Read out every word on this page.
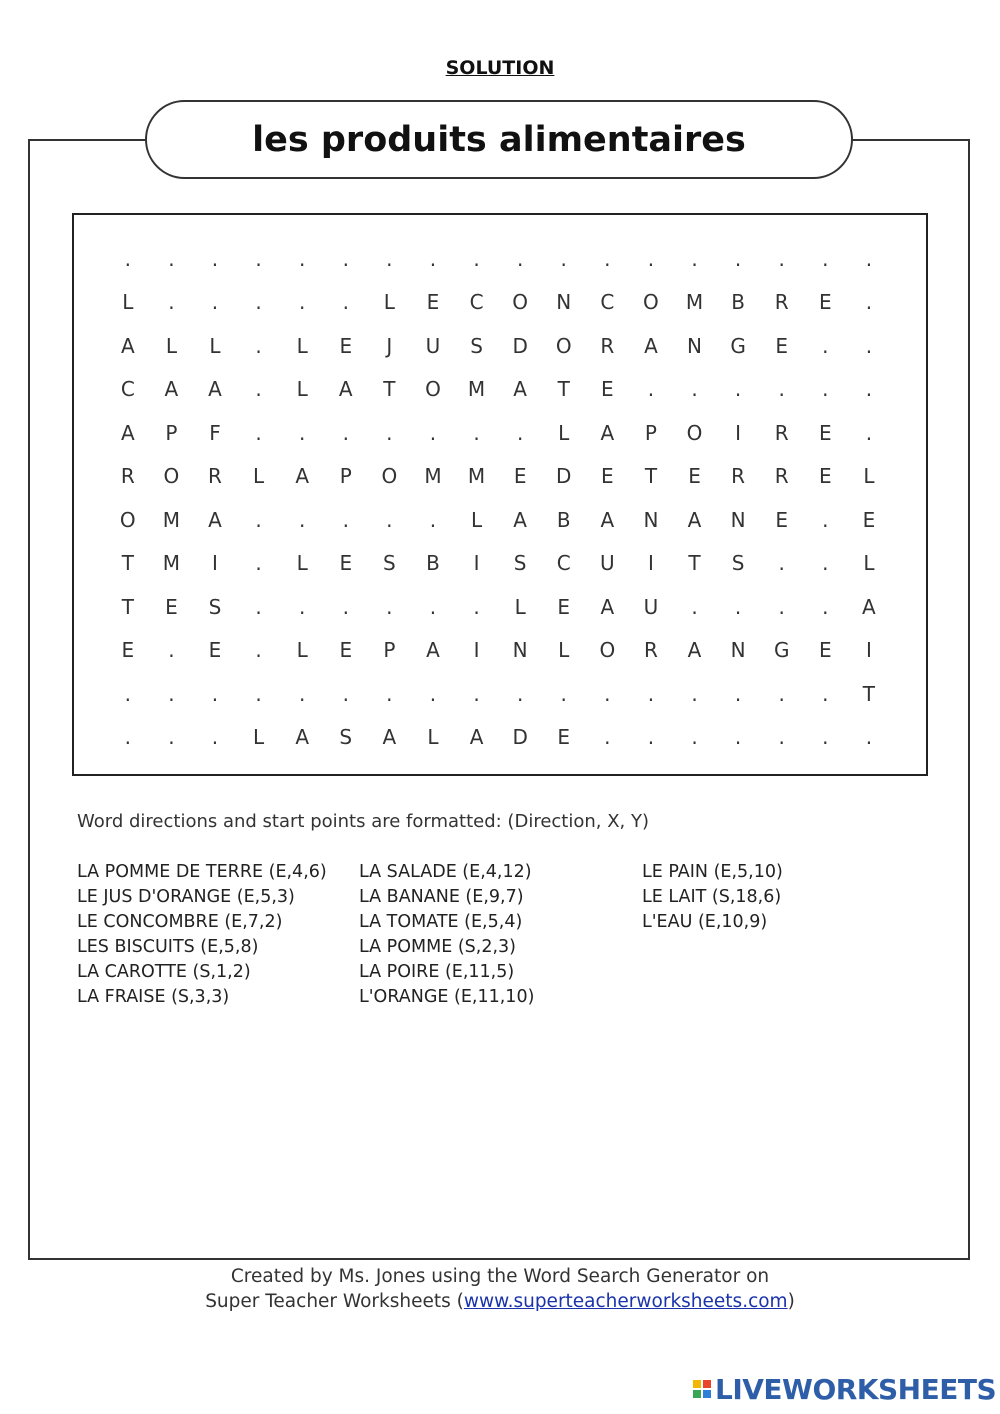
SOLUTION
les produits alimentaires
.	.	.	.	.	.	.	.	.	.	.	.	.	.	.	.	.	.
L	.	.	.	.	.	L	E	C	O	N	C	O	M	B	R	E	.
A	L	L	.	L	E	J	U	S	D	O	R	A	N	G	E	.	.
C	A	A	.	L	A	T	O	M	A	T	E	.	.	.	.	.	.
A	P	F	.	.	.	.	.	.	.	L	A	P	O	I	R	E	.
R	O	R	L	A	P	O	M	M	E	D	E	T	E	R	R	E	L
O	M	A	.	.	.	.	.	L	A	B	A	N	A	N	E	.	E
T	M	I	.	L	E	S	B	I	S	C	U	I	T	S	.	.	L
T	E	S	.	.	.	.	.	.	L	E	A	U	.	.	.	.	A
E	.	E	.	L	E	P	A	I	N	L	O	R	A	N	G	E	I
.	.	.	.	.	.	.	.	.	.	.	.	.	.	.	.	.	T
.	.	.	L	A	S	A	L	A	D	E	.	.	.	.	.	.	.
Word directions and start points are formatted: (Direction, X, Y)
LA POMME DE TERRE (E,4,6)
LE JUS D'ORANGE (E,5,3)
LE CONCOMBRE (E,7,2)
LES BISCUITS (E,5,8)
LA CAROTTE (S,1,2)
LA FRAISE (S,3,3)
LA SALADE (E,4,12)
LA BANANE (E,9,7)
LA TOMATE (E,5,4)
LA POMME (S,2,3)
LA POIRE (E,11,5)
L'ORANGE (E,11,10)
LE PAIN (E,5,10)
LE LAIT (S,18,6)
L'EAU (E,10,9)
Created by Ms. Jones using the Word Search Generator on
Super Teacher Worksheets (www.superteacherworksheets.com)
LIVEWORKSHEETS
